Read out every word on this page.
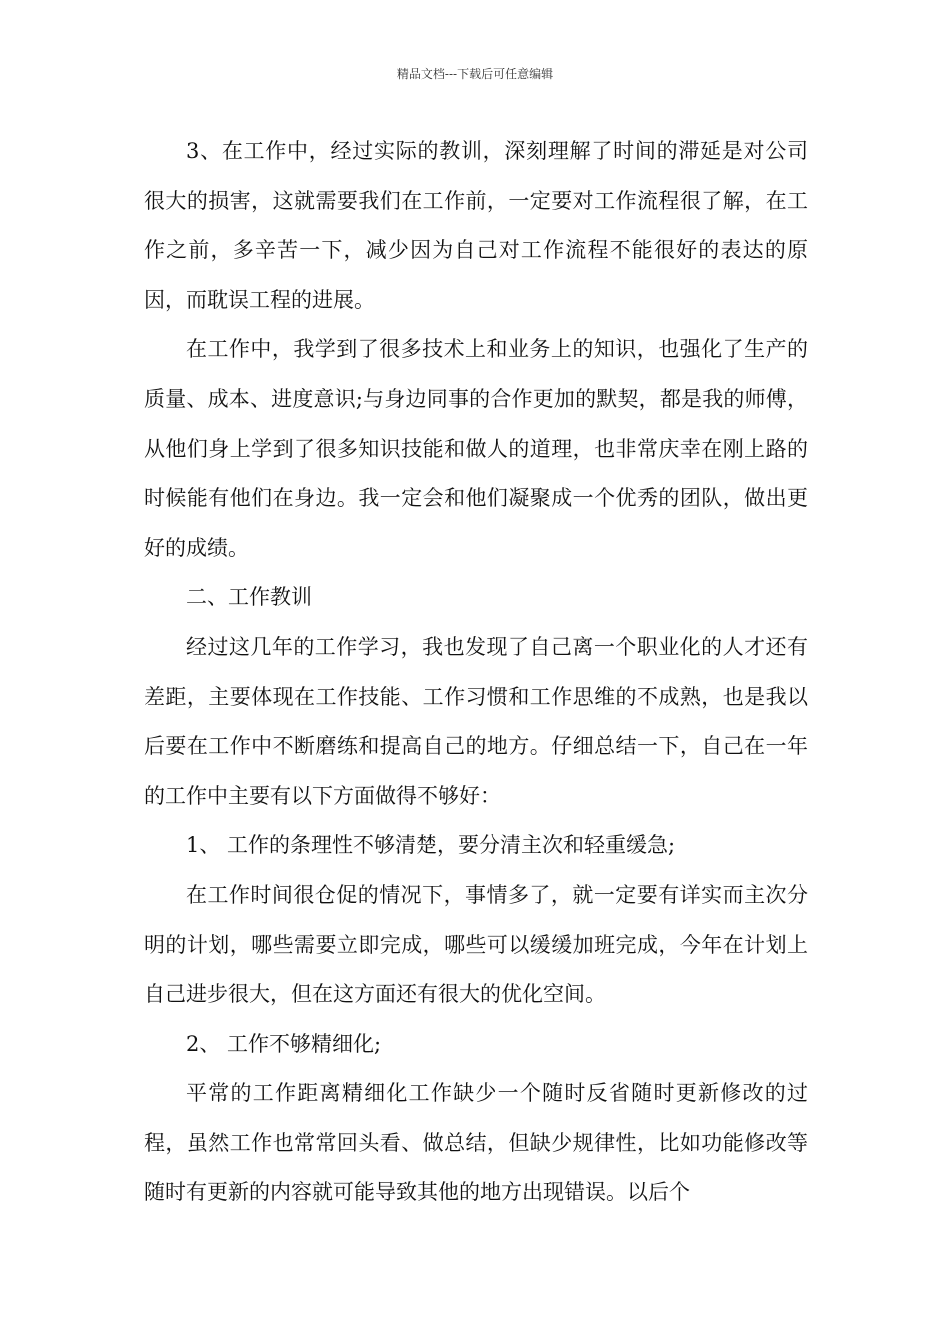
精品文档---下载后可任意编辑

3、在工作中，经过实际的教训，深刻理解了时间的滞延是对公司很大的损害，这就需要我们在工作前，一定要对工作流程很了解，在工作之前，多辛苦一下，减少因为自己对工作流程不能很好的表达的原因，而耽误工程的进展。

在工作中，我学到了很多技术上和业务上的知识，也强化了生产的质量、成本、进度意识;与身边同事的合作更加的默契，都是我的师傅，从他们身上学到了很多知识技能和做人的道理，也非常庆幸在刚上路的时候能有他们在身边。我一定会和他们凝聚成一个优秀的团队，做出更好的成绩。

二、工作教训

经过这几年的工作学习，我也发现了自己离一个职业化的人才还有差距，主要体现在工作技能、工作习惯和工作思维的不成熟，也是我以后要在工作中不断磨练和提高自己的地方。仔细总结一下，自己在一年的工作中主要有以下方面做得不够好：

1、 工作的条理性不够清楚，要分清主次和轻重缓急;

在工作时间很仓促的情况下，事情多了，就一定要有详实而主次分明的计划，哪些需要立即完成，哪些可以缓缓加班完成，今年在计划上自己进步很大，但在这方面还有很大的优化空间。

2、 工作不够精细化;

平常的工作距离精细化工作缺少一个随时反省随时更新修改的过程，虽然工作也常常回头看、做总结，但缺少规律性，比如功能修改等随时有更新的内容就可能导致其他的地方出现错误。以后个
